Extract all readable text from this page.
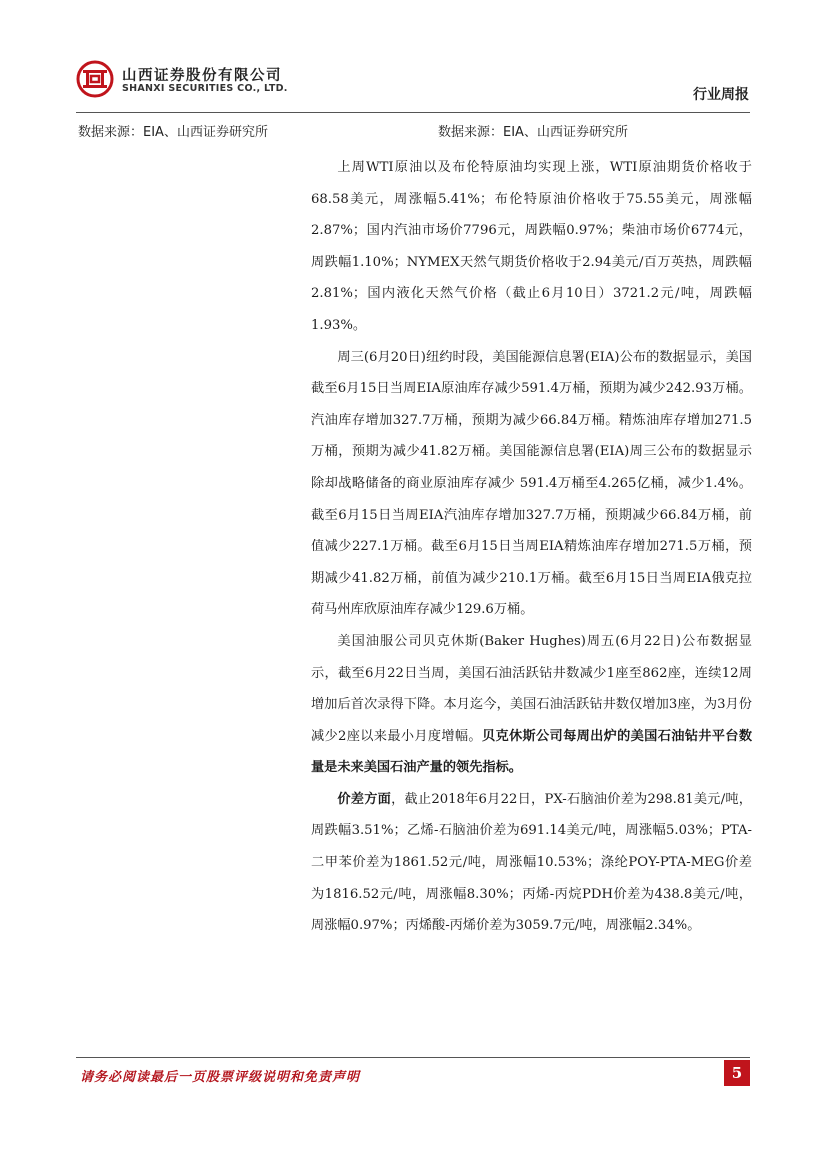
山西证券股份有限公司
SHANXI SECURITIES CO., LTD.	行业周报
数据来源：EIA、山西证券研究所	数据来源：EIA、山西证券研究所

上周WTI原油以及布伦特原油均实现上涨，WTI原油期货价格收于68.58美元，周涨幅5.41%；布伦特原油价格收于75.55美元，周涨幅2.87%；国内汽油市场价7796元，周跌幅0.97%；柴油市场价6774元，周跌幅1.10%；NYMEX天然气期货价格收于2.94美元/百万英热，周跌幅2.81%；国内液化天然气价格（截止6月10日）3721.2元/吨，周跌幅1.93%。

周三(6月20日)纽约时段，美国能源信息署(EIA)公布的数据显示，美国截至6月15日当周EIA原油库存减少591.4万桶，预期为减少242.93万桶。汽油库存增加327.7万桶，预期为减少66.84万桶。精炼油库存增加271.5万桶，预期为减少41.82万桶。美国能源信息署(EIA)周三公布的数据显示除却战略储备的商业原油库存减少 591.4万桶至4.265亿桶，减少1.4%。截至6月15日当周EIA汽油库存增加327.7万桶，预期减少66.84万桶，前值减少227.1万桶。截至6月15日当周EIA精炼油库存增加271.5万桶，预期减少41.82万桶，前值为减少210.1万桶。截至6月15日当周EIA俄克拉荷马州库欣原油库存减少129.6万桶。

美国油服公司贝克休斯(Baker Hughes)周五(6月22日)公布数据显示，截至6月22日当周，美国石油活跃钻井数减少1座至862座，连续12周增加后首次录得下降。本月迄今，美国石油活跃钻井数仅增加3座，为3月份减少2座以来最小月度增幅。贝克休斯公司每周出炉的美国石油钻井平台数量是未来美国石油产量的领先指标。

价差方面，截止2018年6月22日，PX-石脑油价差为298.81美元/吨，周跌幅3.51%；乙烯-石脑油价差为691.14美元/吨，周涨幅5.03%；PTA-二甲苯价差为1861.52元/吨，周涨幅10.53%；涤纶POY-PTA-MEG价差为1816.52元/吨，周涨幅8.30%；丙烯-丙烷PDH价差为438.8美元/吨，周涨幅0.97%；丙烯酸-丙烯价差为3059.7元/吨，周涨幅2.34%。

请务必阅读最后一页股票评级说明和免责声明	5
